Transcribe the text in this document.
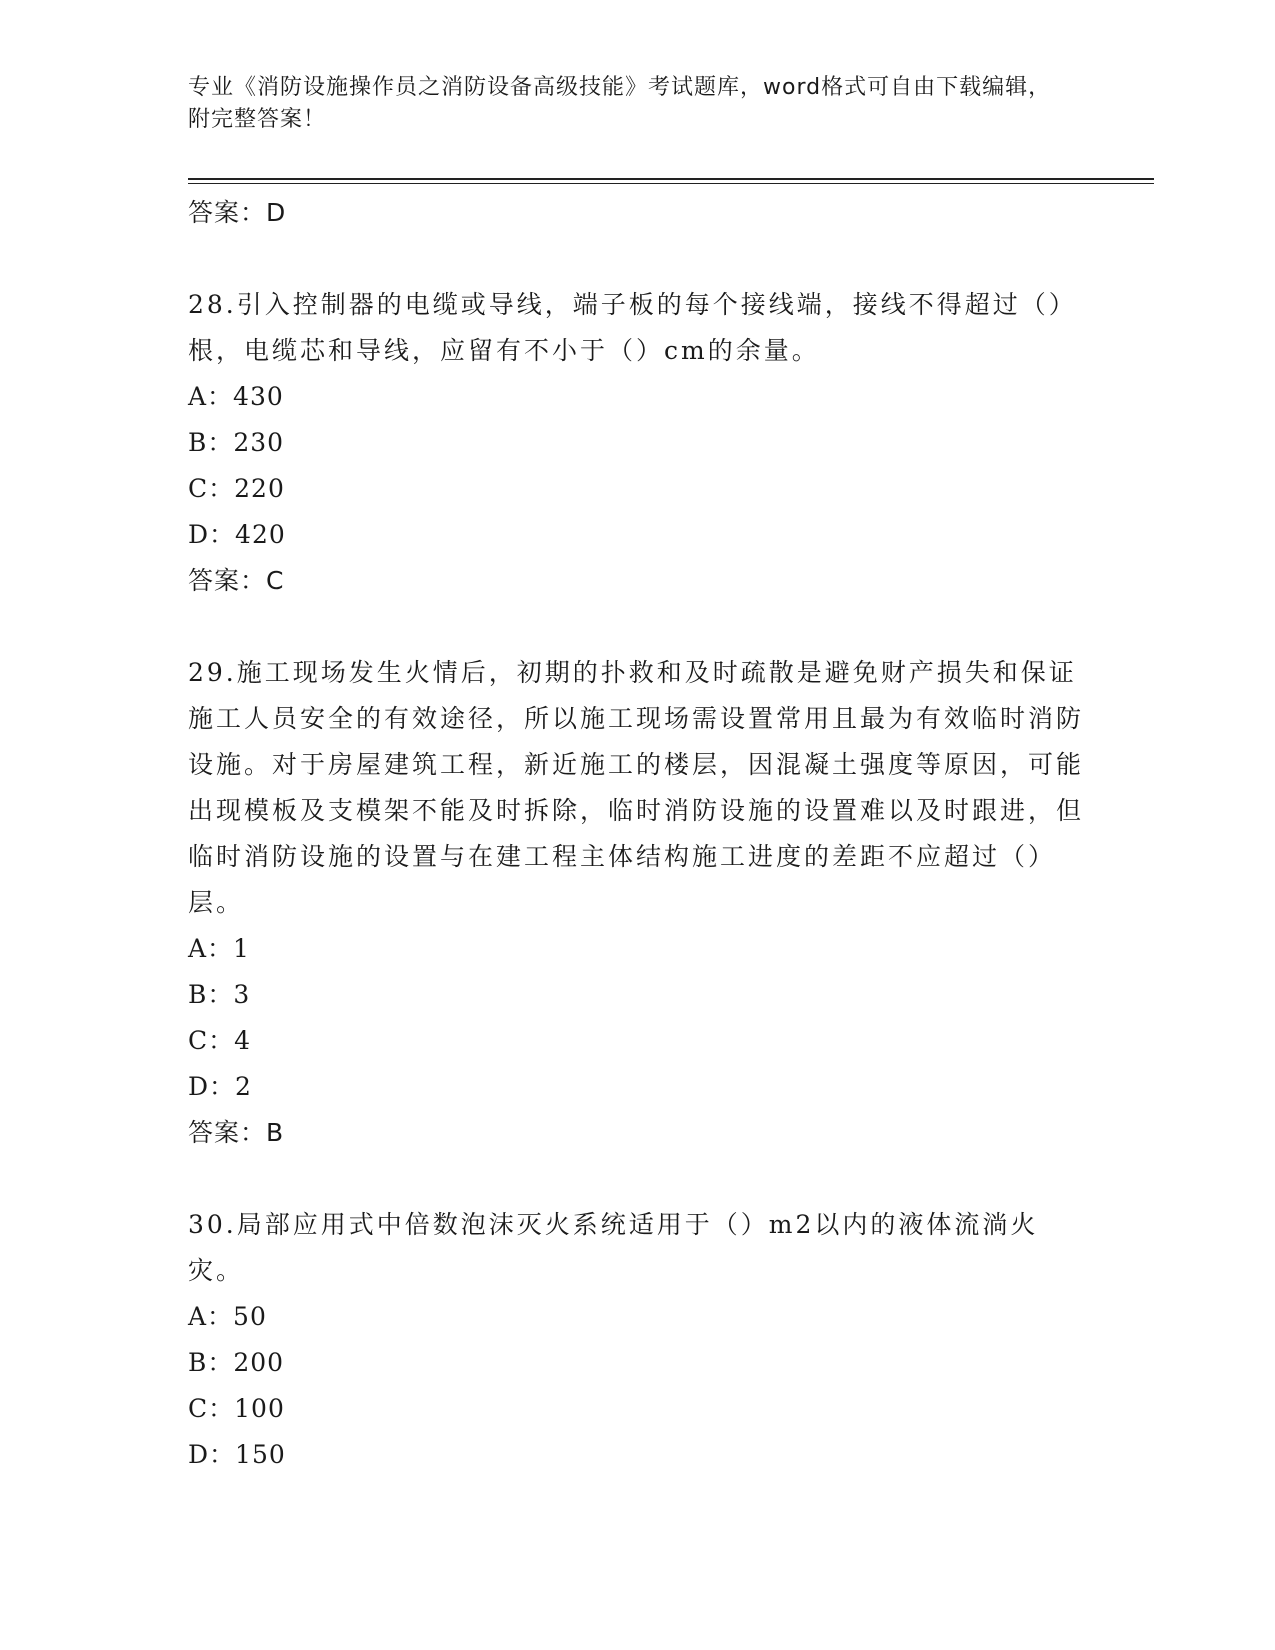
专业《消防设施操作员之消防设备高级技能》考试题库，word格式可自由下载编辑，附完整答案！

答案：D

28.引入控制器的电缆或导线，端子板的每个接线端，接线不得超过（）根，电缆芯和导线，应留有不小于（）cm的余量。

A：430

B：230

C：220

D：420

答案：C

29.施工现场发生火情后，初期的扑救和及时疏散是避免财产损失和保证施工人员安全的有效途径，所以施工现场需设置常用且最为有效临时消防设施。对于房屋建筑工程，新近施工的楼层，因混凝土强度等原因，可能出现模板及支模架不能及时拆除，临时消防设施的设置难以及时跟进，但临时消防设施的设置与在建工程主体结构施工进度的差距不应超过（）层。

A：1

B：3

C：4

D：2

答案：B

30.局部应用式中倍数泡沫灭火系统适用于（）m2以内的液体流淌火灾。

A：50

B：200

C：100

D：150
